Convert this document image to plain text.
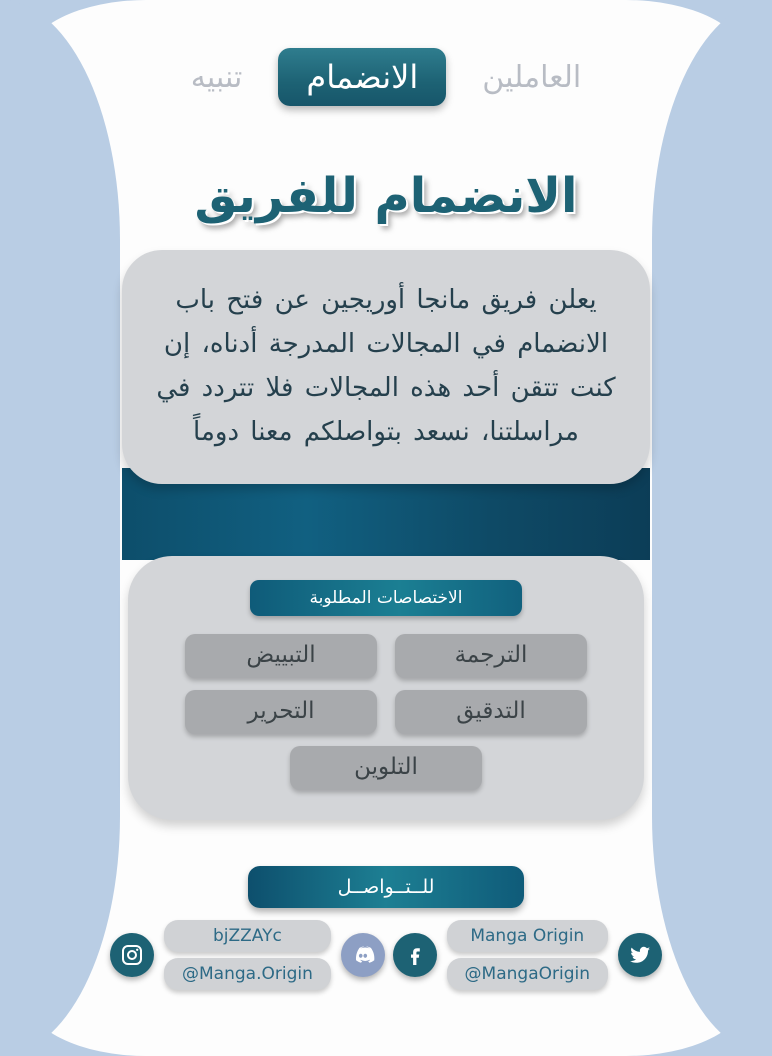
العاملين
الانضمام
تنبيه
الانضمام للفريق

يعلن فريق مانجا أوريجين عن فتح باب الانضمام في المجالات المدرجة أدناه، إن كنت تتقن أحد هذه المجالات فلا تتردد في مراسلتنا، نسعد بتواصلكم معنا دوماً

الاختصاصات المطلوبة
الترجمة
التبييض
التدقيق
التحرير
التلوين
للــتــواصــل
bjZZAYc
@Manga.Origin
Manga Origin
@MangaOrigin
